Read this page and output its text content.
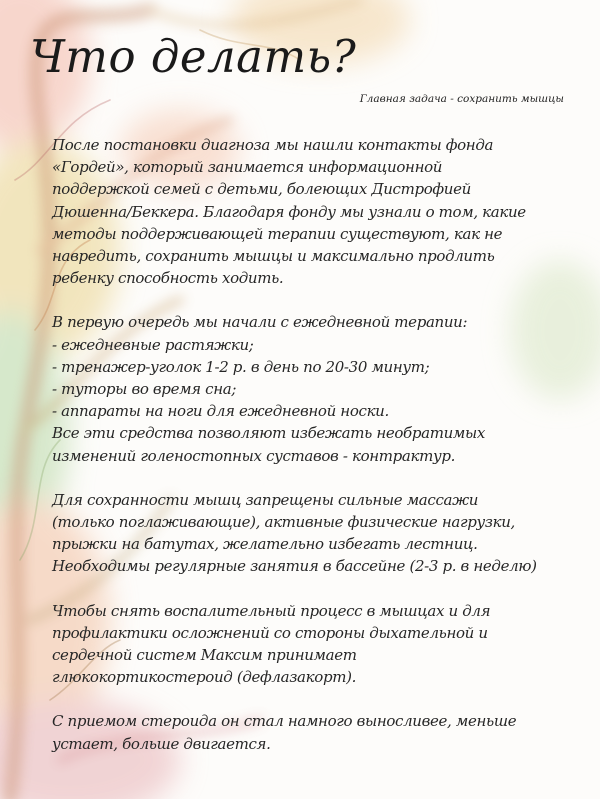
Что делать?
Главная задача - сохранить мышцы

После постановки диагноза мы нашли контакты фонда
«Гордей», который занимается информационной
поддержкой семей с детьми, болеющих Дистрофией
Дюшенна/Беккера. Благодаря фонду мы узнали о том, какие
методы поддерживающей терапии существуют, как не
навредить, сохранить мышцы и максимально продлить
ребенку способность ходить.

В первую очередь мы начали с ежедневной терапии:
- ежедневные растяжки;
- тренажер-уголок 1-2 р. в день по 20-30 минут;
- туторы во время сна;
- аппараты на ноги для ежедневной носки.
Все эти средства позволяют избежать необратимых
изменений голеностопных суставов - контрактур.

Для сохранности мышц запрещены сильные массажи
(только поглаживающие), активные физические нагрузки,
прыжки на батутах, желательно избегать лестниц.
Необходимы регулярные занятия в бассейне (2-3 р. в неделю)

Чтобы снять воспалительный процесс в мышцах и для
профилактики осложнений со стороны дыхательной и
сердечной систем Максим принимает
глюкокортикостероид (дефлазакорт).

С приемом стероида он стал намного выносливее, меньше
устает, больше двигается.
